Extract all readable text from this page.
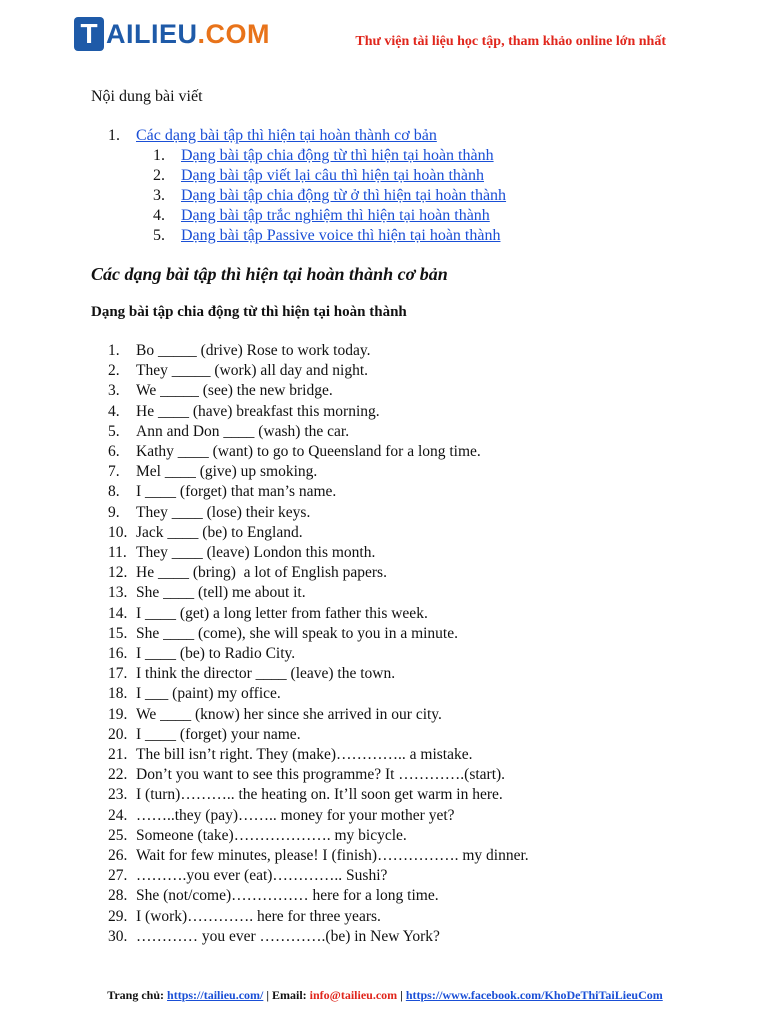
T AILIEU.COM	Thư viện tài liệu học tập, tham khảo online lớn nhất
Nội dung bài viết
1.	Các dạng bài tập thì hiện tại hoàn thành cơ bản
1.	Dạng bài tập chia động từ thì hiện tại hoàn thành
2.	Dạng bài tập viết lại câu thì hiện tại hoàn thành
3.	Dạng bài tập chia động từ ở thì hiện tại hoàn thành
4.	Dạng bài tập trắc nghiệm thì hiện tại hoàn thành
5.	Dạng bài tập Passive voice thì hiện tại hoàn thành
Các dạng bài tập thì hiện tại hoàn thành cơ bản
Dạng bài tập chia động từ thì hiện tại hoàn thành
1.	Bo _____ (drive) Rose to work today.
2.	They _____ (work) all day and night.
3.	We _____ (see) the new bridge.
4.	He ____ (have) breakfast this morning.
5.	Ann and Don ____ (wash) the car.
6.	Kathy ____ (want) to go to Queensland for a long time.
7.	Mel ____ (give) up smoking.
8.	I ____ (forget) that man’s name.
9.	They ____ (lose) their keys.
10. Jack ____ (be) to England.
11. They ____ (leave) London this month.
12. He ____ (bring)  a lot of English papers.
13. She ____ (tell) me about it.
14. I ____ (get) a long letter from father this week.
15. She ____ (come), she will speak to you in a minute.
16. I ____ (be) to Radio City.
17. I think the director ____ (leave) the town.
18. I ___ (paint) my office.
19. We ____ (know) her since she arrived in our city.
20. I ____ (forget) your name.
21. The bill isn’t right. They (make)………….. a mistake.
22. Don’t you want to see this programme? It ………….(start).
23. I (turn)……….. the heating on. It’ll soon get warm in here.
24. ……..they (pay)…….. money for your mother yet?
25. Someone (take)………………. my bicycle.
26. Wait for few minutes, please! I (finish)……………. my dinner.
27. ……….you ever (eat)………….. Sushi?
28. She (not/come)…………… here for a long time.
29. I (work)…………. here for three years.
30. ………… you ever ………….(be) in New York?
Trang chủ: https://tailieu.com/ | Email: info@tailieu.com | https://www.facebook.com/KhoDeThiTaiLieuCom
